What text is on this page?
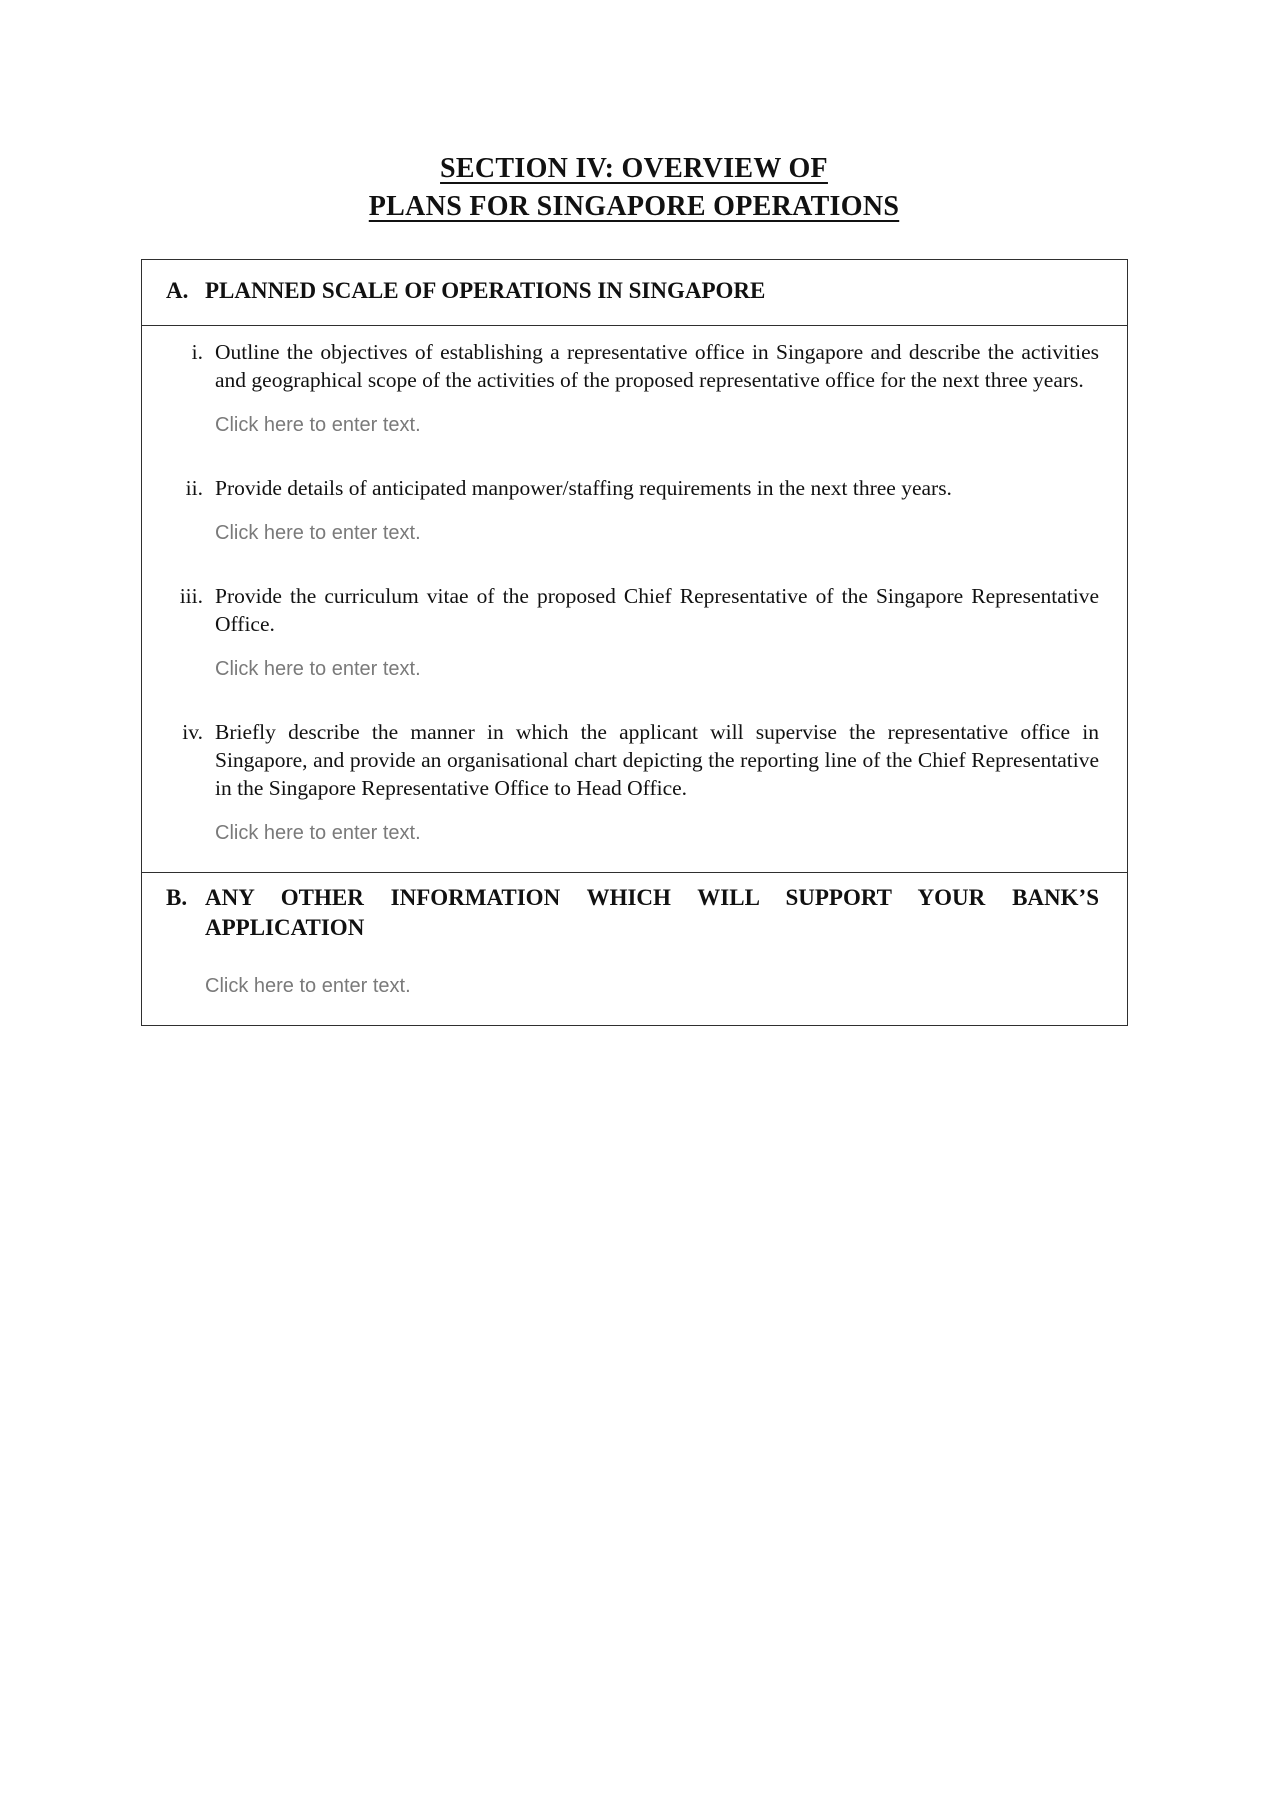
SECTION IV: OVERVIEW OF
PLANS FOR SINGAPORE OPERATIONS
A. PLANNED SCALE OF OPERATIONS IN SINGAPORE
i. Outline the objectives of establishing a representative office in Singapore and describe the activities and geographical scope of the activities of the proposed representative office for the next three years.
Click here to enter text.
ii. Provide details of anticipated manpower/staffing requirements in the next three years.
Click here to enter text.
iii. Provide the curriculum vitae of the proposed Chief Representative of the Singapore Representative Office.
Click here to enter text.
iv. Briefly describe the manner in which the applicant will supervise the representative office in Singapore, and provide an organisational chart depicting the reporting line of the Chief Representative in the Singapore Representative Office to Head Office.
Click here to enter text.
B. ANY OTHER INFORMATION WHICH WILL SUPPORT YOUR BANK’S APPLICATION
Click here to enter text.
